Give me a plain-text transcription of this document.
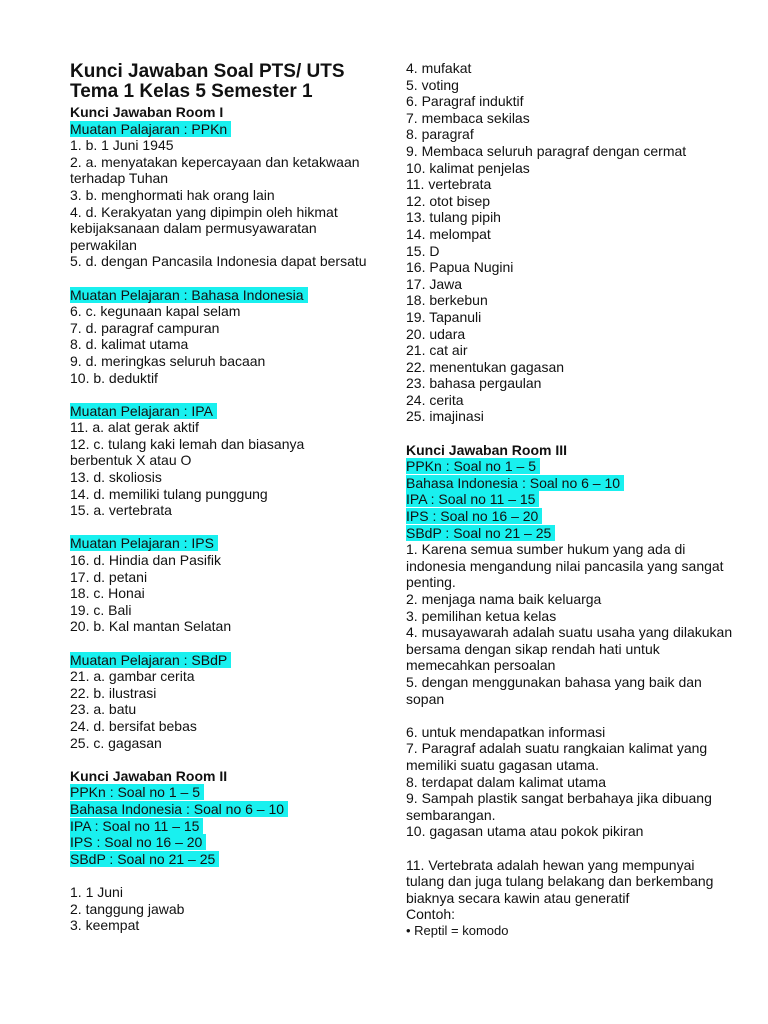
Kunci Jawaban Soal PTS/ UTS

Tema 1 Kelas 5 Semester 1

Kunci Jawaban Room I

Muatan Palajaran : PPKn

1. b. 1 Juni 1945

2. a. menyatakan kepercayaan dan ketakwaan terhadap Tuhan

3. b. menghormati hak orang lain

4. d. Kerakyatan yang dipimpin oleh hikmat kebijaksanaan dalam permusyawaratan perwakilan

5. d. dengan Pancasila Indonesia dapat bersatu

Muatan Pelajaran : Bahasa Indonesia

6. c. kegunaan kapal selam

7. d. paragraf campuran

8. d. kalimat utama

9. d. meringkas seluruh bacaan

10. b. deduktif

Muatan Pelajaran : IPA

11. a. alat gerak aktif

12. c. tulang kaki lemah dan biasanya berbentuk X atau O

13. d. skoliosis

14. d. memiliki tulang punggung

15. a. vertebrata

Muatan Pelajaran : IPS

16. d. Hindia dan Pasifik

17. d. petani

18. c. Honai

19. c. Bali

20. b. Kal mantan Selatan

Muatan Pelajaran : SBdP

21. a. gambar cerita

22. b. ilustrasi

23. a. batu

24. d. bersifat bebas

25. c. gagasan

Kunci Jawaban Room II

PPKn : Soal no 1 – 5

Bahasa Indonesia : Soal no 6 – 10

IPA : Soal no 11 – 15

IPS : Soal no 16 – 20

SBdP : Soal no 21 – 25

1. 1 Juni

2. tanggung jawab

3. keempat

4. mufakat

5. voting

6. Paragraf induktif

7. membaca sekilas

8. paragraf

9. Membaca seluruh paragraf dengan cermat

10. kalimat penjelas

11. vertebrata

12. otot bisep

13. tulang pipih

14. melompat

15. D

16. Papua Nugini

17. Jawa

18. berkebun

19. Tapanuli

20. udara

21. cat air

22. menentukan gagasan

23. bahasa pergaulan

24. cerita

25. imajinasi

Kunci Jawaban Room III

PPKn : Soal no 1 – 5

Bahasa Indonesia : Soal no 6 – 10

IPA : Soal no 11 – 15

IPS : Soal no 16 – 20

SBdP : Soal no 21 – 25

1. Karena semua sumber hukum yang ada di indonesia mengandung nilai pancasila yang sangat penting.

2. menjaga nama baik keluarga

3. pemilihan ketua kelas

4. musayawarah adalah suatu usaha yang dilakukan bersama dengan sikap rendah hati untuk memecahkan persoalan

5. dengan menggunakan bahasa yang baik dan sopan

6. untuk mendapatkan informasi

7. Paragraf adalah suatu rangkaian kalimat yang memiliki suatu gagasan utama.

8. terdapat dalam kalimat utama

9. Sampah plastik sangat berbahaya jika dibuang sembarangan.

10. gagasan utama atau pokok pikiran

11. Vertebrata adalah hewan yang mempunyai tulang dan juga tulang belakang dan berkembang biaknya secara kawin atau generatif

Contoh:

• Reptil = komodo
